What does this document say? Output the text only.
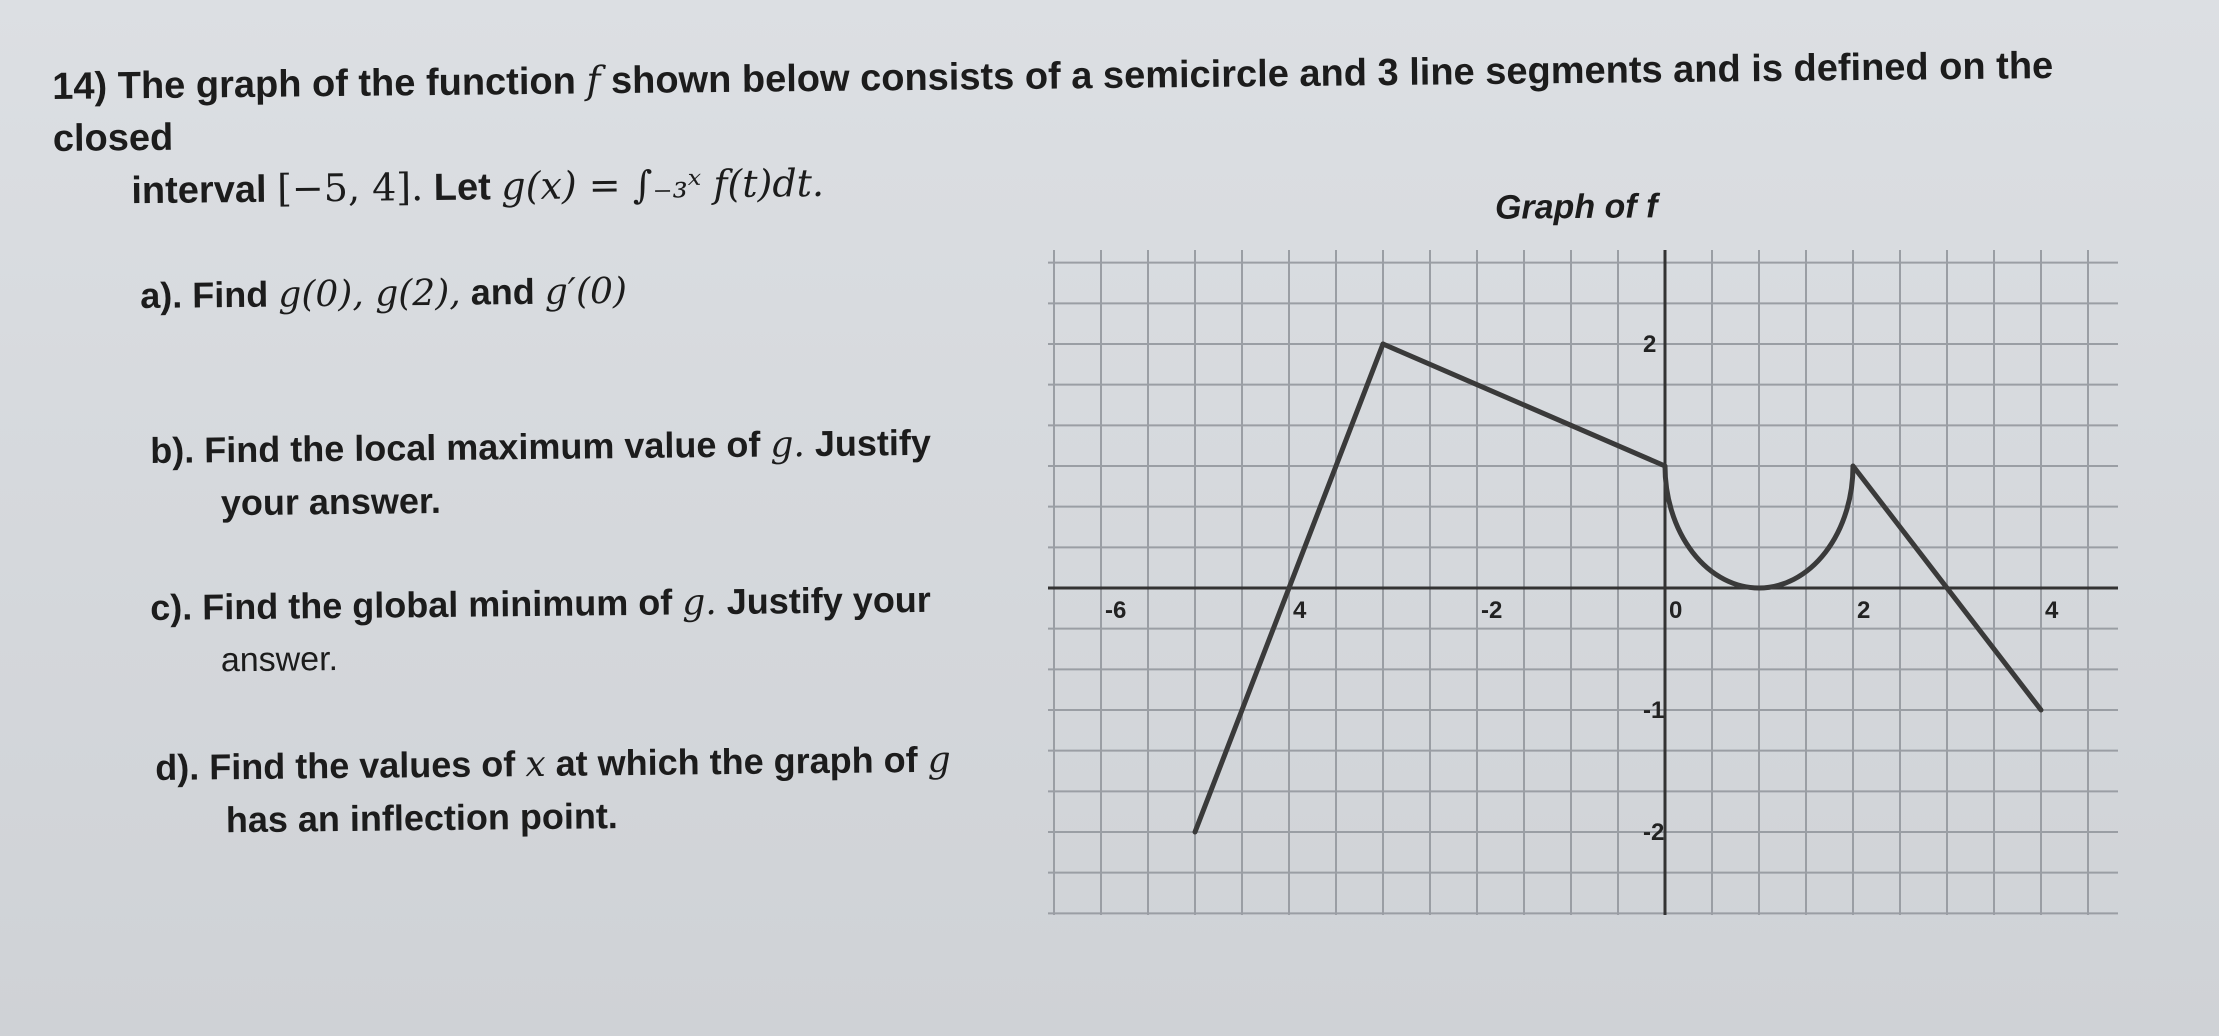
14) The graph of the function f shown below consists of a semicircle and 3 line segments and is defined on the closed
interval [−5, 4]. Let g(x) = ∫₋₃ˣ f(t)dt.
a). Find g(0), g(2), and g′(0)
b). Find the local maximum value of g. Justify
your answer.
c). Find the global minimum of g. Justify your
answer.
d). Find the values of x at which the graph of g
has an inflection point.
Graph of f
-6	4	-2	0	2	4
2
-1
-2
